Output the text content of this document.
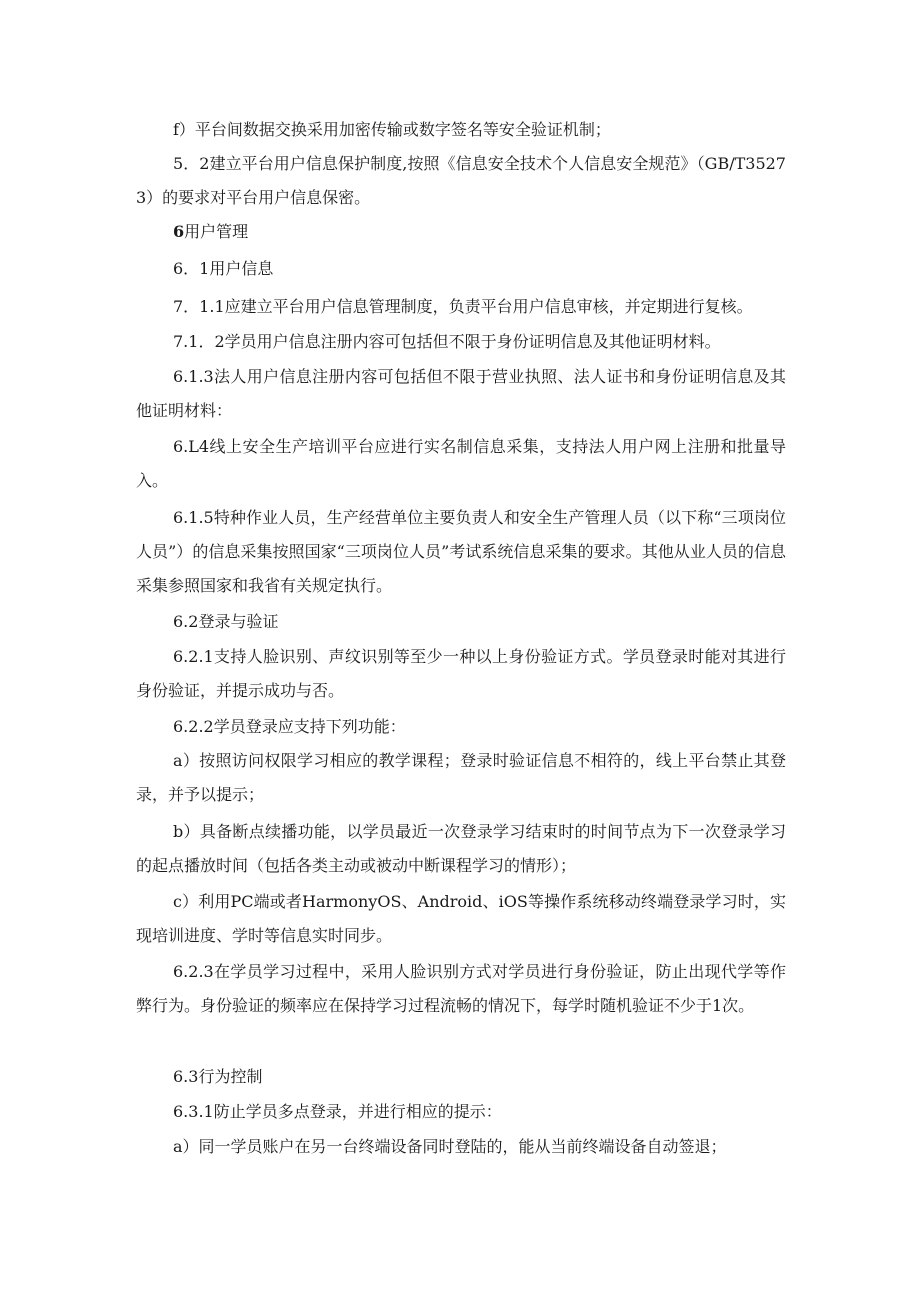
f）平台间数据交换采用加密传输或数字签名等安全验证机制；

5．2建立平台用户信息保护制度,按照《信息安全技术个人信息安全规范》（GB/T35273）的要求对平台用户信息保密。

6用户管理

6．1用户信息

7．1.1应建立平台用户信息管理制度，负责平台用户信息审核，并定期进行复核。

7.1．2学员用户信息注册内容可包括但不限于身份证明信息及其他证明材料。

6.1.3法人用户信息注册内容可包括但不限于营业执照、法人证书和身份证明信息及其他证明材料：

6.L4线上安全生产培训平台应进行实名制信息采集，支持法人用户网上注册和批量导入。

6.1.5特种作业人员，生产经营单位主要负责人和安全生产管理人员（以下称“三项岗位人员”）的信息采集按照国家“三项岗位人员”考试系统信息采集的要求。其他从业人员的信息采集参照国家和我省有关规定执行。

6.2登录与验证

6.2.1支持人脸识别、声纹识别等至少一种以上身份验证方式。学员登录时能对其进行身份验证，并提示成功与否。

6.2.2学员登录应支持下列功能：

a）按照访问权限学习相应的教学课程；登录时验证信息不相符的，线上平台禁止其登录，并予以提示；

b）具备断点续播功能，以学员最近一次登录学习结束时的时间节点为下一次登录学习的起点播放时间（包括各类主动或被动中断课程学习的情形）；

c）利用PC端或者HarmonyOS、Android、iOS等操作系统移动终端登录学习时，实现培训进度、学时等信息实时同步。

6.2.3在学员学习过程中，采用人脸识别方式对学员进行身份验证，防止出现代学等作弊行为。身份验证的频率应在保持学习过程流畅的情况下，每学时随机验证不少于1次。

6.3行为控制

6.3.1防止学员多点登录，并进行相应的提示：

a）同一学员账户在另一台终端设备同时登陆的，能从当前终端设备自动签退；
